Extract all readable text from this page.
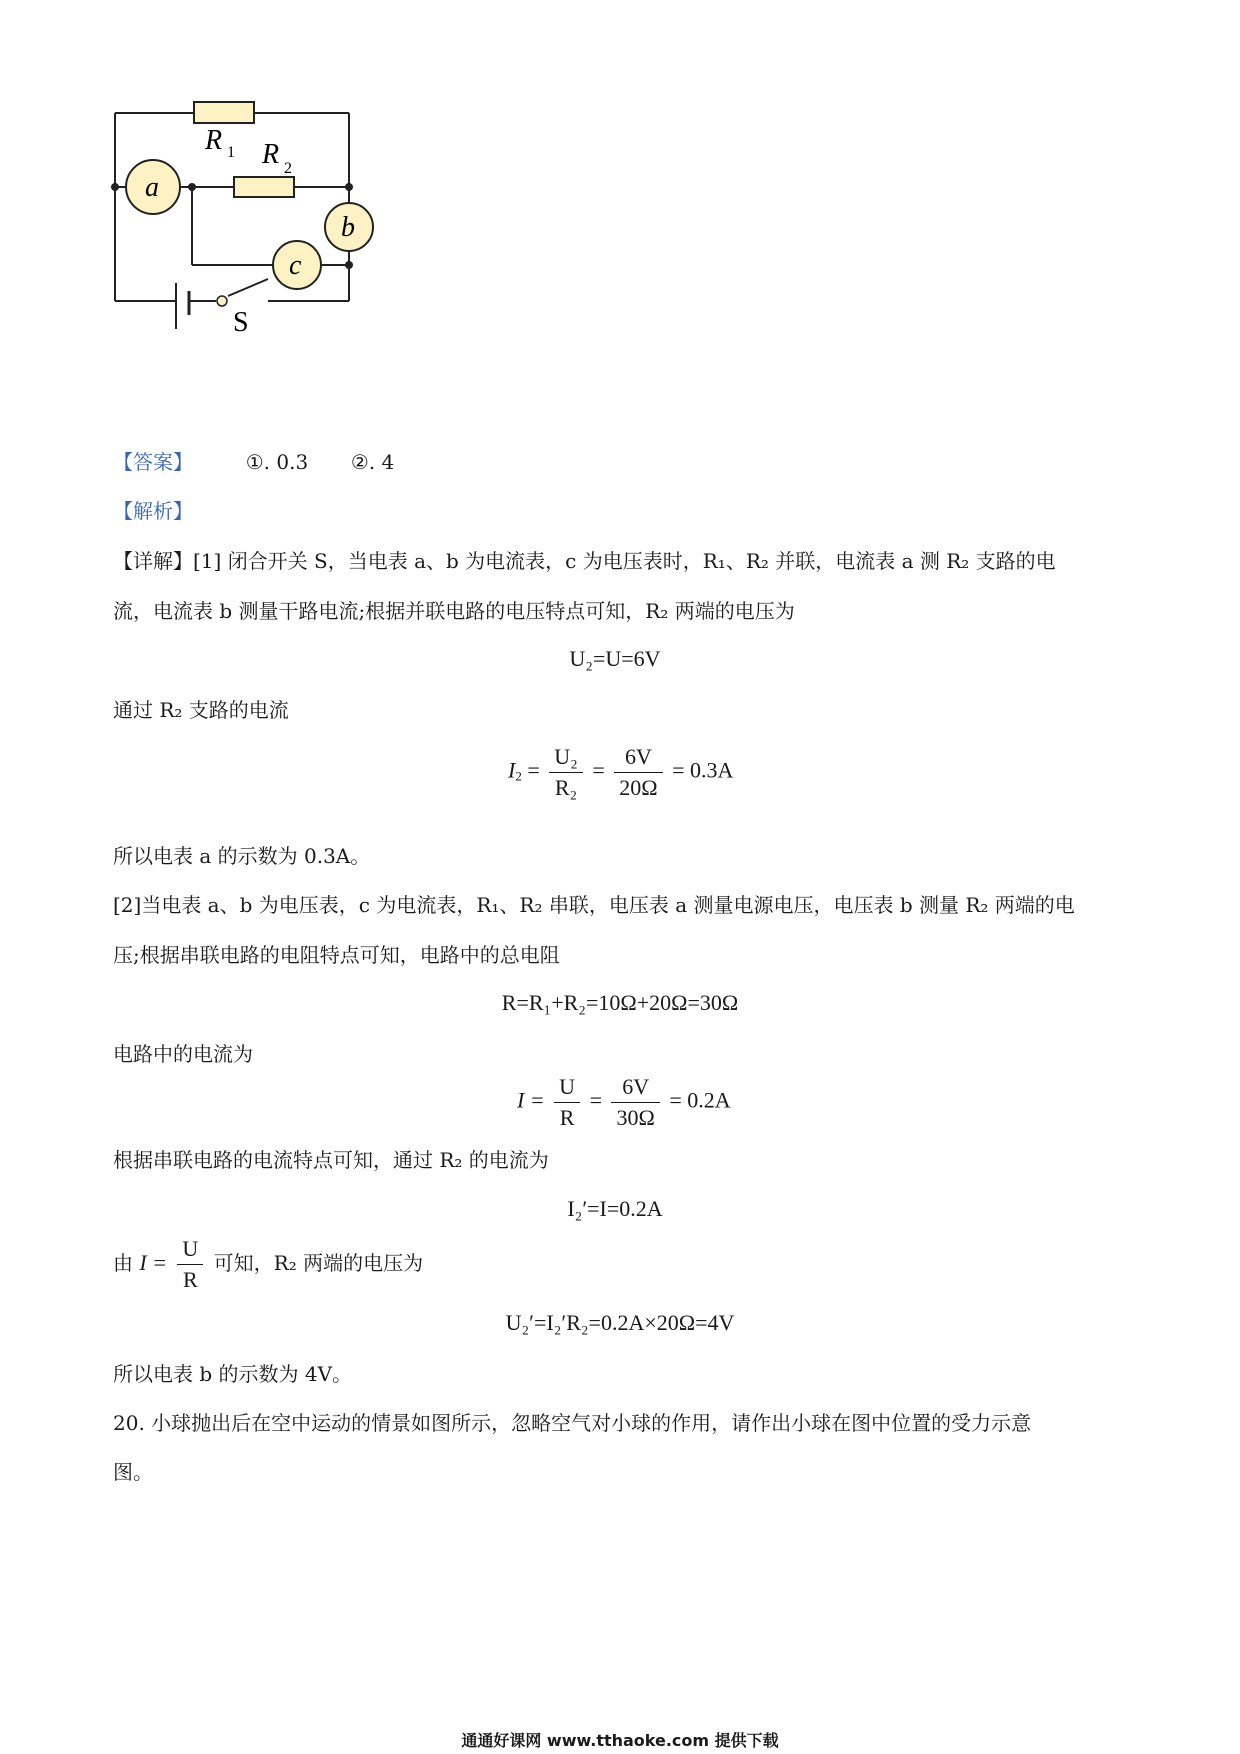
R 1 R 2
a
b
c
S
【答案】	①. 0.3 ②. 4
【解析】
【详解】[1] 闭合开关 S，当电表 a、b 为电流表，c 为电压表时，R₁、R₂ 并联，电流表 a 测 R₂ 支路的电
流，电流表 b 测量干路电流;根据并联电路的电压特点可知，R₂ 两端的电压为
U₂=U=6V
通过 R₂ 支路的电流
$I_2 = \frac{\text{U₂}}{\text{R₂}} = \frac{6V}{20\Omega} = 0.3A$
所以电表 a 的示数为 0.3A。
[2]当电表 a、b 为电压表，c 为电流表，R₁、R₂ 串联，电压表 a 测量电源电压，电压表 b 测量 R₂ 两端的电
压;根据串联电路的电阻特点可知，电路中的总电阻
R=R₁+R₂=10Ω+20Ω=30Ω
电路中的电流为
$I = \frac{U}{R} = \frac{6V}{30\Omega} = 0.2A$
根据串联电路的电流特点可知，通过 R₂ 的电流为
I₂′=I=0.2A
由 $I = \frac{U}{R}$ 可知，R₂ 两端的电压为
U₂′=I₂′R₂=0.2A×20Ω=4V
所以电表 b 的示数为 4V。
20. 小球抛出后在空中运动的情景如图所示，忽略空气对小球的作用，请作出小球在图中位置的受力示意
图。
通通好课网 www.tthaoke.com 提供下载
